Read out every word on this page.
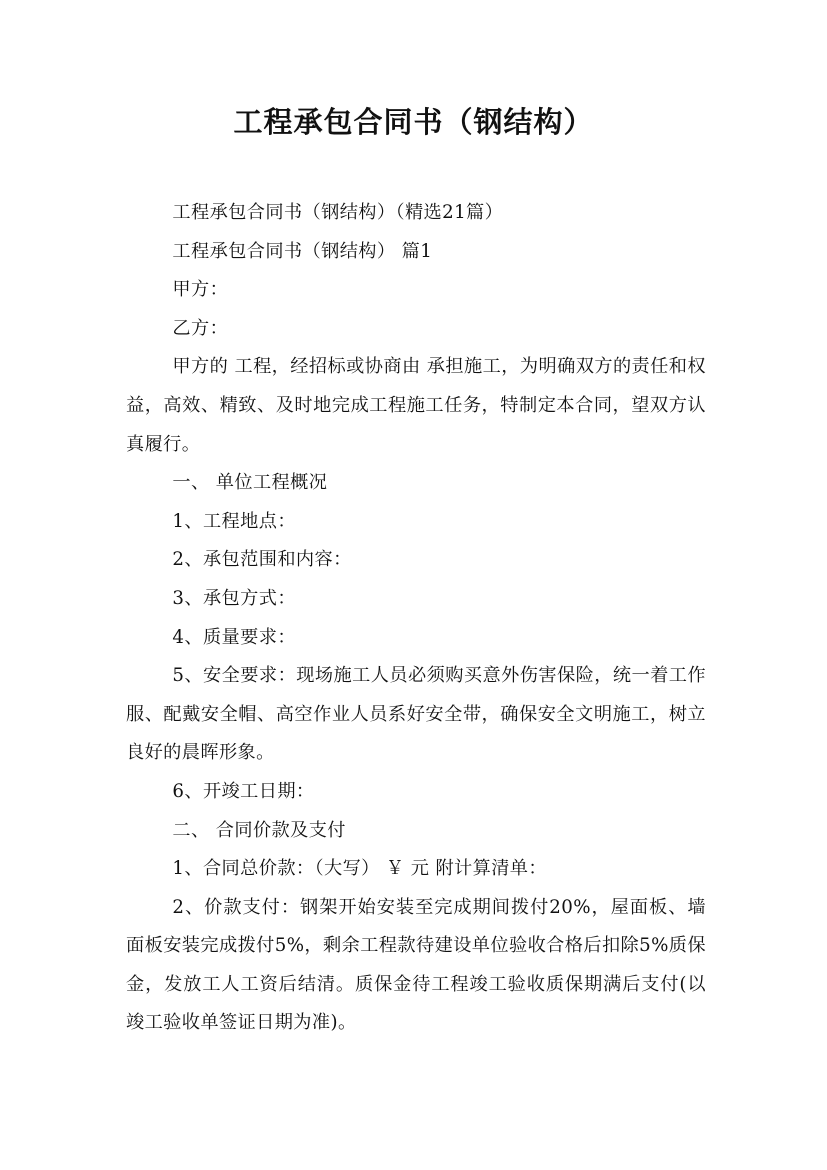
工程承包合同书（钢结构）

工程承包合同书（钢结构）（精选21篇）

工程承包合同书（钢结构） 篇1

甲方：

乙方：

甲方的 工程，经招标或协商由 承担施工，为明确双方的责任和权益，高效、精致、及时地完成工程施工任务，特制定本合同，望双方认真履行。

一、 单位工程概况

1、工程地点：

2、承包范围和内容：

3、承包方式：

4、质量要求：

5、安全要求：现场施工人员必须购买意外伤害保险，统一着工作服、配戴安全帽、高空作业人员系好安全带，确保安全文明施工，树立良好的晨晖形象。

6、开竣工日期：

二、 合同价款及支付

1、合同总价款：（大写） ￥ 元 附计算清单：

2、价款支付：钢架开始安装至完成期间拨付20%，屋面板、墙面板安装完成拨付5%，剩余工程款待建设单位验收合格后扣除5%质保金，发放工人工资后结清。质保金待工程竣工验收质保期满后支付(以竣工验收单签证日期为准)。
